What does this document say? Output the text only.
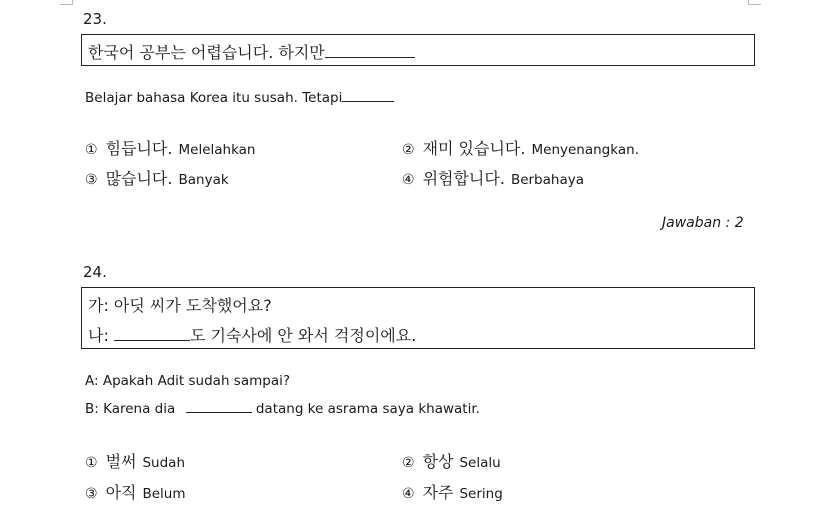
23.
한국어 공부는 어렵습니다. 하지만
Belajar bahasa Korea itu susah. Tetapi
① 힘듭니다. Melelahkan	② 재미 있습니다. Menyenangkan.
③ 많습니다. Banyak	④ 위험합니다. Berbahaya
Jawaban : 2
24.
가: 아딧 씨가 도착했어요?
나:	도 기숙사에 안 와서 걱정이에요.
A: Apakah Adit sudah sampai?
B: Karena dia	datang ke asrama saya khawatir.
① 벌써 Sudah	② 항상 Selalu
③ 아직 Belum	④ 자주 Sering
